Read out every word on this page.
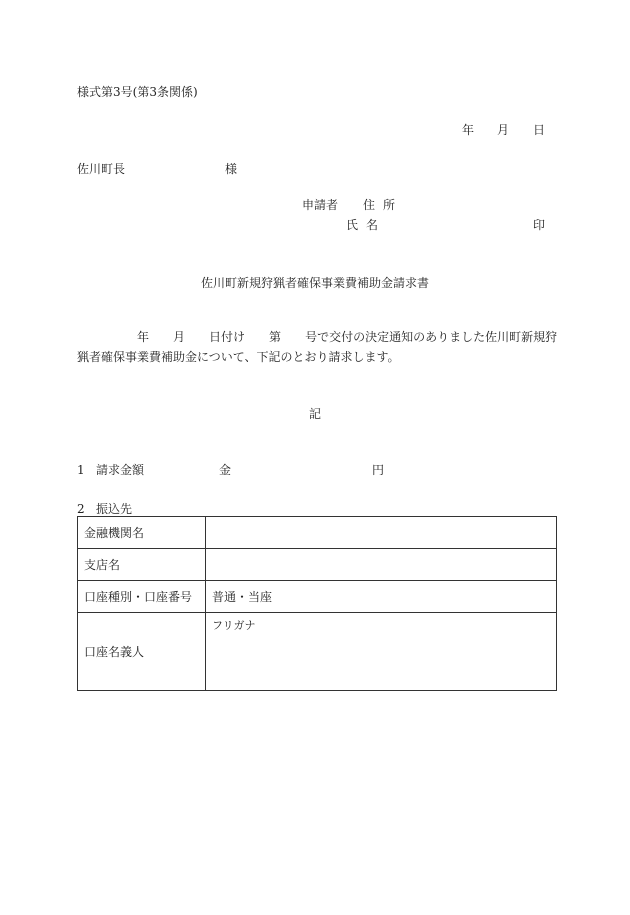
様式第3号(第3条関係)
年 月 日
佐川町長	様
申請者 住所
氏名	印
佐川町新規狩猟者確保事業費補助金請求書
年 月 日付け 第 号で交付の決定通知のありました佐川町新規狩
猟者確保事業費補助金について、下記のとおり請求します。
記
1 請求金額	金	円
2 振込先
金融機関名	
支店名	
口座種別・口座番号	普通・当座
口座名義人	フリガナ
